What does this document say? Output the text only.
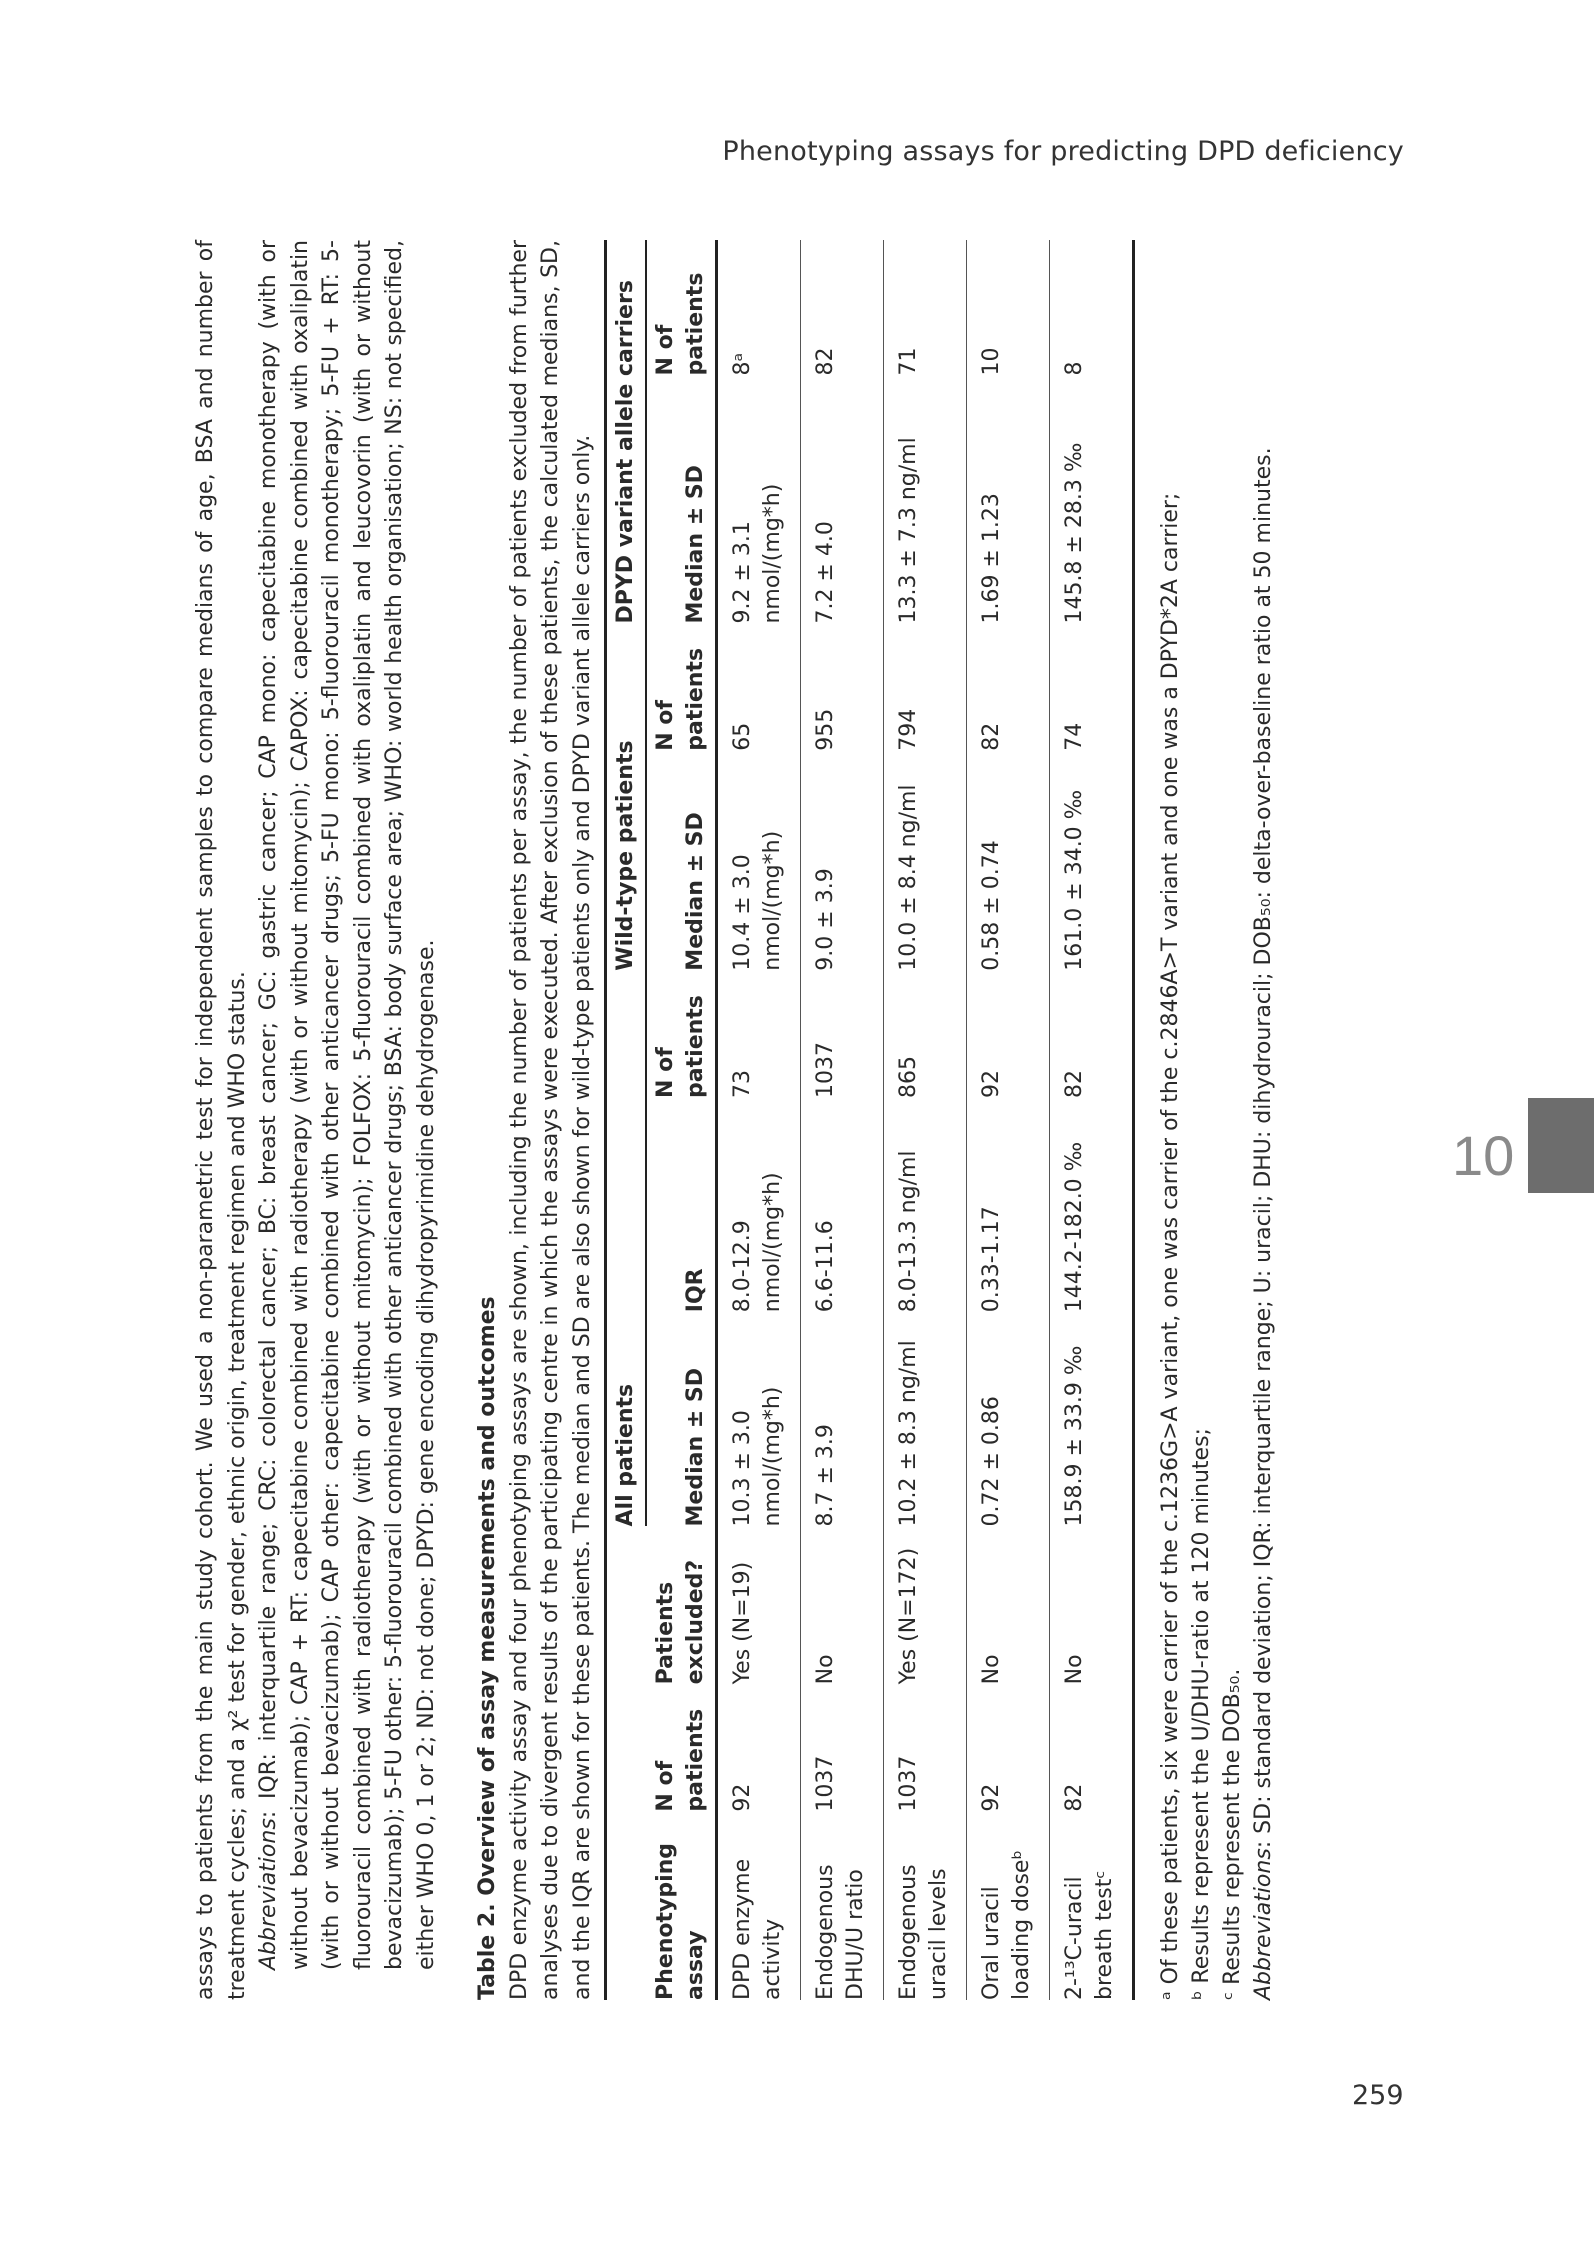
Phenotyping assays for predicting DPD deficiency
10
259

assays to patients from the main study cohort. We used a non-parametric test for independent samples to compare medians of age, BSA and number of treatment cycles; and a χ² test for gender, ethnic origin, treatment regimen and WHO status. Abbreviations: IQR: interquartile range; CRC: colorectal cancer; BC: breast cancer; GC: gastric cancer; CAP mono: capecitabine monotherapy (with or without bevacizumab); CAP + RT: capecitabine combined with radiotherapy (with or without mitomycin); CAPOX: capecitabine combined with oxaliplatin (with or without bevacizumab); CAP other: capecitabine combined with other anticancer drugs; 5-FU mono: 5-fluorouracil monotherapy; 5-FU + RT: 5-fluorouracil combined with radiotherapy (with or without mitomycin); FOLFOX: 5-fluorouracil combined with oxaliplatin and leucovorin (with or without bevacizumab); 5-FU other: 5-fluorouracil combined with other anticancer drugs; BSA: body surface area; WHO: world health organisation; NS: not specified, either WHO 0, 1 or 2; ND: not done; DPYD: gene encoding dihydropyrimidine dehydrogenase. Table 2. Overview of assay measurements and outcomes DPD enzyme activity assay and four phenotyping assays are shown, including the number of patients per assay, the number of patients excluded from further analyses due to divergent results of the participating centre in which the assays were executed. After exclusion of these patients, the calculated medians, SD, and the IQR are shown for these patients. The median and SD are also shown for wild-type patients only and DPYD variant allele carriers only.

			All patients			Wild-type patients		DPYD variant allele carriers	
Phenotyping assay	N of patients	Patients excluded?	Median ± SD	IQR	N of patients	Median ± SD	N of patients	Median ± SD	N of patients
DPD enzyme activity	92	Yes (N=19)	10.3 ± 3.0 nmol/(mg*h)	8.0-12.9 nmol/(mg*h)	73	10.4 ± 3.0 nmol/(mg*h)	65	9.2 ± 3.1 nmol/(mg*h)	8ᵃ
Endogenous DHU/U ratio	1037	No	8.7 ± 3.9	6.6-11.6	1037	9.0 ± 3.9	955	7.2 ± 4.0	82
Endogenous uracil levels	1037	Yes (N=172)	10.2 ± 8.3 ng/ml	8.0-13.3 ng/ml	865	10.0 ± 8.4 ng/ml	794	13.3 ± 7.3 ng/ml	71
Oral uracil loading doseᵇ	92	No	0.72 ± 0.86	0.33-1.17	92	0.58 ± 0.74	82	1.69 ± 1.23	10
2-¹³C-uracil breath testᶜ	82	No	158.9 ± 33.9 ‰	144.2-182.0 ‰	82	161.0 ± 34.0 ‰	74	145.8 ± 28.3 ‰	8
ᵃ Of these patients, six were carrier of the c.1236G>A variant, one was carrier of the c.2846A>T variant and one was a DPYD*2A carrier; ᵇ Results represent the U/DHU-ratio at 120 minutes; ᶜ Results represent the DOB₅₀. Abbreviations: SD: standard deviation; IQR: interquartile range; U: uracil; DHU: dihydrouracil; DOB₅₀: delta-over-baseline ratio at 50 minutes.
